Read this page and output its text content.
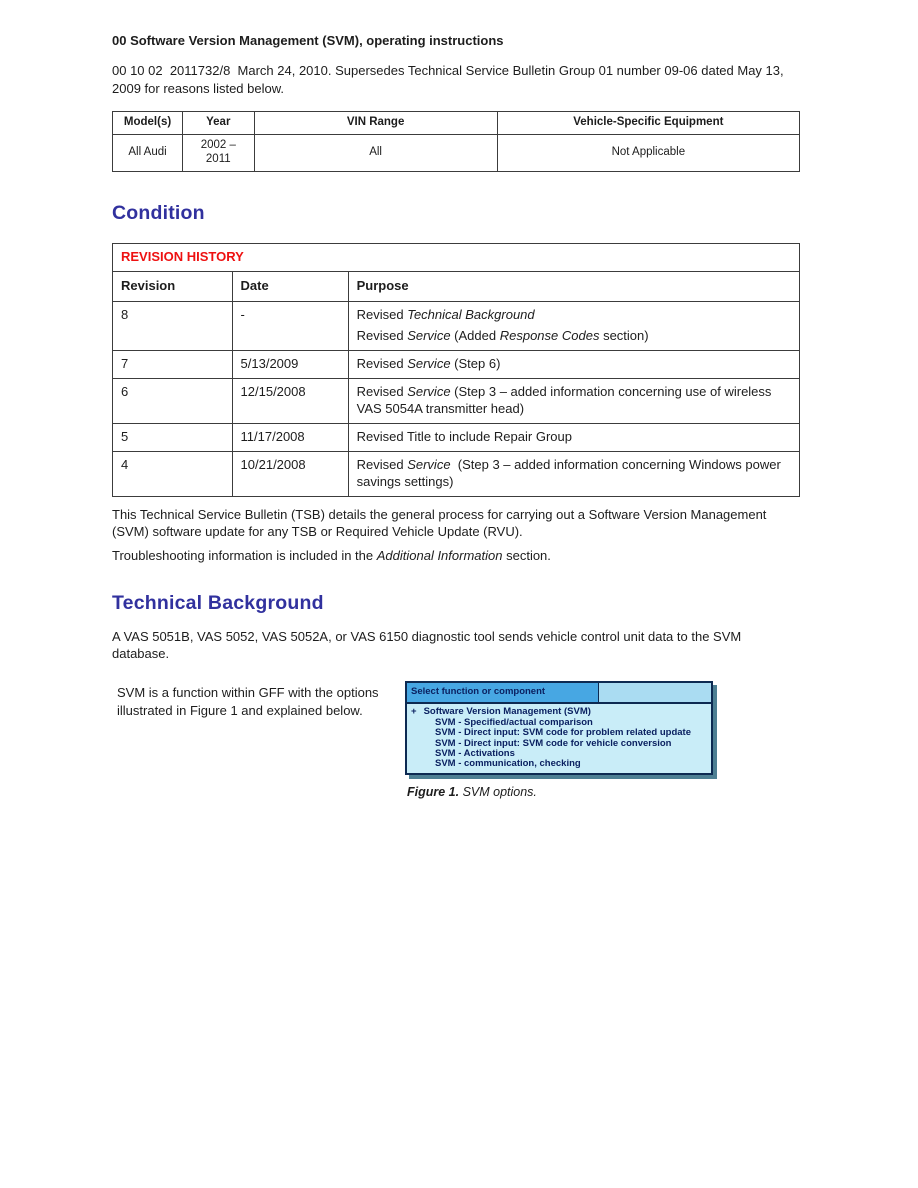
00 Software Version Management (SVM), operating instructions

00 10 02  2011732/8  March 24, 2010. Supersedes Technical Service Bulletin Group 01 number 09-06 dated May 13, 2009 for reasons listed below.

Model(s)	Year	VIN Range	Vehicle-Specific Equipment
All Audi	2002 – 2011	All	Not Applicable
Condition
REVISION HISTORY		
Revision	Date	Purpose
8	-	Revised Technical Background
Revised Service (Added Response Codes section)

7	5/13/2009	Revised Service (Step 6)

6	12/15/2008	Revised Service (Step 3 – added information concerning use of wireless VAS 5054A transmitter head)

5	11/17/2008	Revised Title to include Repair Group

4	10/21/2008	Revised Service  (Step 3 – added information concerning Windows power savings settings)

This Technical Service Bulletin (TSB) details the general process for carrying out a Software Version Management (SVM) software update for any TSB or Required Vehicle Update (RVU).

Troubleshooting information is included in the Additional Information section.

Technical Background

A VAS 5051B, VAS 5052, VAS 5052A, or VAS 6150 diagnostic tool sends vehicle control unit data to the SVM database.

SVM is a function within GFF with the options illustrated in Figure 1 and explained below.

Select function or component
+ Software Version Management (SVM)
SVM - Specified/actual comparison
SVM - Direct input: SVM code for problem related update
SVM - Direct input: SVM code for vehicle conversion
SVM - Activations
SVM - communication, checking

Figure 1. SVM options.
